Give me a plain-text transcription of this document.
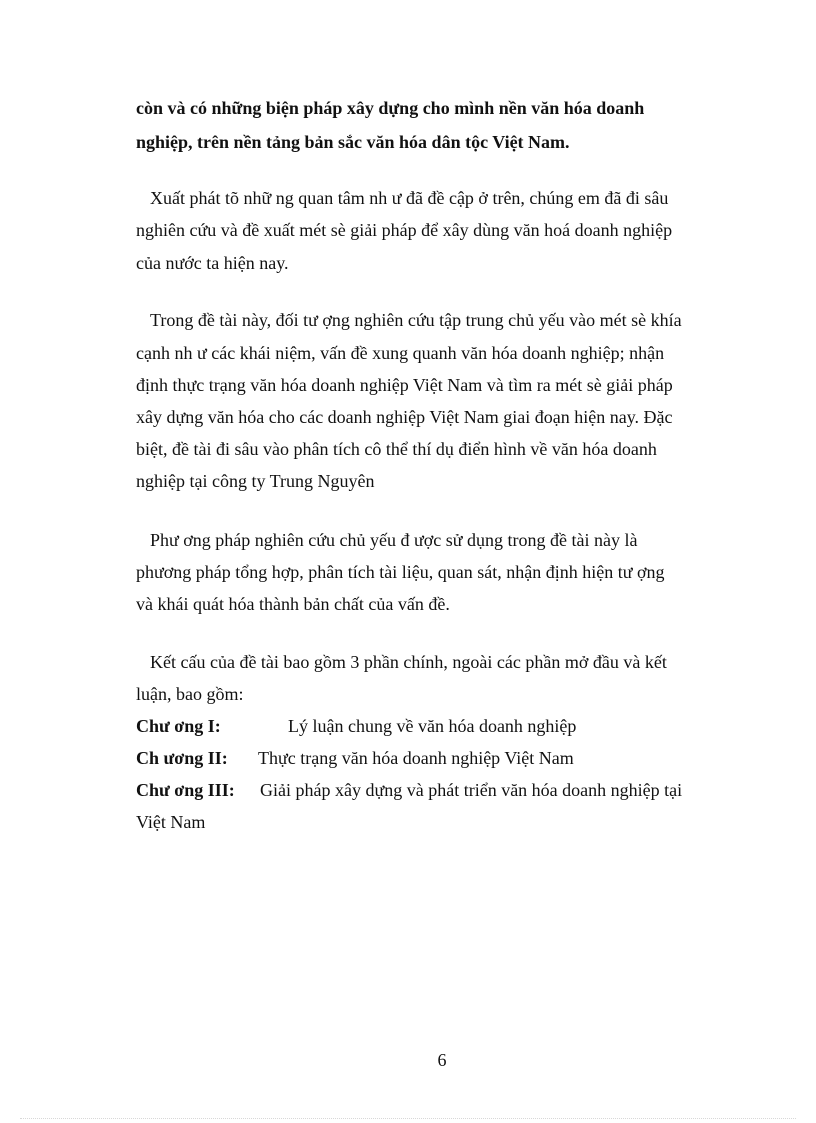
còn và có những biện pháp xây dựng cho mình nền văn hóa doanh
nghiệp, trên nền tảng bản sắc văn hóa dân tộc Việt Nam.
Xuất phát tõ nhữ ng quan tâm nh ư đã đề cập ở trên, chúng em đã đi sâu
nghiên cứu và đề xuất mét sè giải pháp để xây dùng văn hoá doanh nghiệp
của nước ta hiện nay.
Trong đề tài này, đối tư ợng nghiên cứu tập trung chủ yếu vào mét sè khía
cạnh nh ư các khái niệm, vấn đề xung quanh văn hóa doanh nghiệp; nhận
định thực trạng văn hóa doanh nghiệp Việt Nam và tìm ra mét sè giải pháp
xây dựng văn hóa cho các doanh nghiệp Việt Nam giai đoạn hiện nay. Đặc
biệt, đề tài đi sâu vào phân tích cô thể thí dụ điển hình về văn hóa doanh
nghiệp tại công ty Trung Nguyên
Phư ơng pháp nghiên cứu chủ yếu đ ược sử dụng trong đề tài này là
phương pháp tổng hợp, phân tích tài liệu, quan sát, nhận định hiện tư ợng
và khái quát hóa thành bản chất của vấn đề.
Kết cấu của đề tài bao gồm 3 phần chính, ngoài các phần mở đầu và kết
luận, bao gồm:
Chư ơng I:	Lý luận chung về văn hóa doanh nghiệp
Ch ương II: Thực trạng văn hóa doanh nghiệp Việt Nam
Chư ơng III: Giải pháp xây dựng và phát triển văn hóa doanh nghiệp tại
Việt Nam
6
